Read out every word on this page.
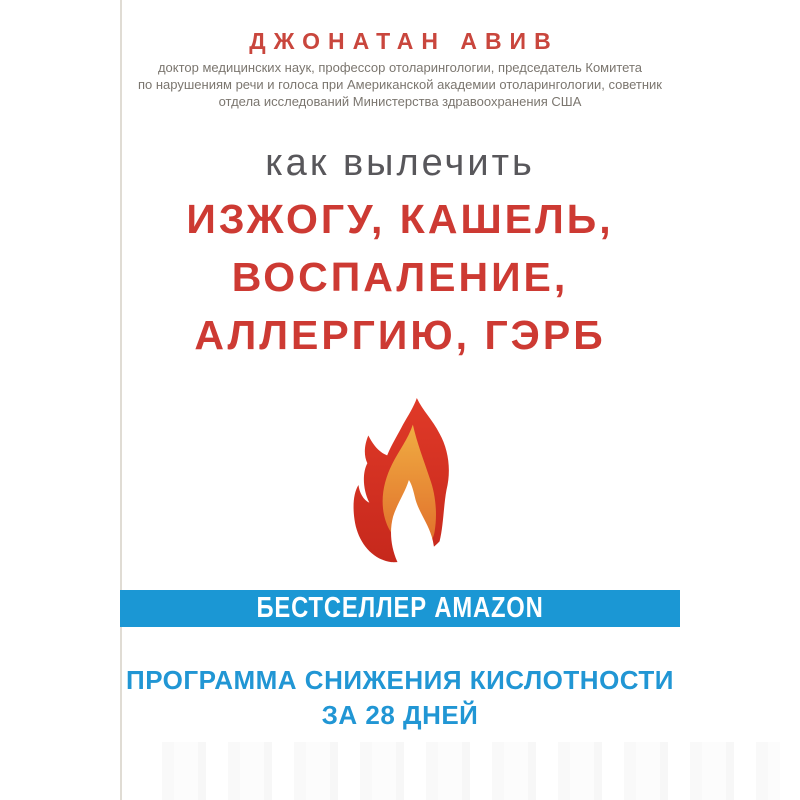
ДЖОНАТАН АВИВ
доктор медицинских наук, профессор отоларингологии, председатель Комитета
по нарушениям речи и голоса при Американской академии отоларингологии, советник
отдела исследований Министерства здравоохранения США
как вылечить
ИЗЖОГУ, КАШЕЛЬ,
ВОСПАЛЕНИЕ,
АЛЛЕРГИЮ, ГЭРБ
БЕСТСЕЛЛЕР AMAZON
ПРОГРАММА СНИЖЕНИЯ КИСЛОТНОСТИ
ЗА 28 ДНЕЙ
